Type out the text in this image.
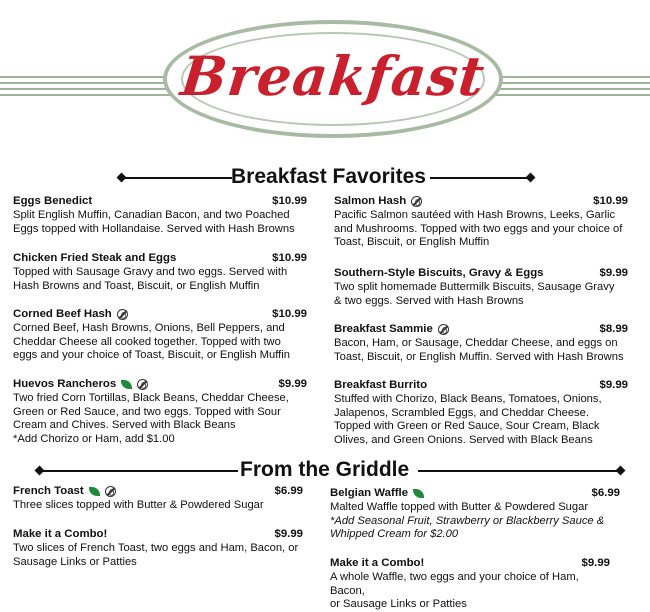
Breakfast
Breakfast Favorites
Eggs Benedict	$10.99
Split English Muffin, Canadian Bacon, and two Poached
Eggs topped with Hollandaise. Served with Hash Browns
Chicken Fried Steak and Eggs	$10.99
Topped with Sausage Gravy and two eggs. Served with
Hash Browns and Toast, Biscuit, or English Muffin
Corned Beef Hash	$10.99
Corned Beef, Hash Browns, Onions, Bell Peppers, and
Cheddar Cheese all cooked together. Topped with two
eggs and your choice of Toast, Biscuit, or English Muffin
Huevos Rancheros	$9.99
Two fried Corn Tortillas, Black Beans, Cheddar Cheese,
Green or Red Sauce, and two eggs. Topped with Sour
Cream and Chives. Served with Black Beans
*Add Chorizo or Ham, add $1.00
Salmon Hash	$10.99
Pacific Salmon sautéed with Hash Browns, Leeks, Garlic
and Mushrooms. Topped with two eggs and your choice of
Toast, Biscuit, or English Muffin
Southern-Style Biscuits, Gravy & Eggs	$9.99
Two split homemade Buttermilk Biscuits, Sausage Gravy
& two eggs. Served with Hash Browns
Breakfast Sammie	$8.99
Bacon, Ham, or Sausage, Cheddar Cheese, and eggs on
Toast, Biscuit, or English Muffin. Served with Hash Browns
Breakfast Burrito	$9.99
Stuffed with Chorizo, Black Beans, Tomatoes, Onions,
Jalapenos, Scrambled Eggs, and Cheddar Cheese.
Topped with Green or Red Sauce, Sour Cream, Black
Olives, and Green Onions. Served with Black Beans
From the Griddle
French Toast	$6.99
Three slices topped with Butter & Powdered Sugar
Make it a Combo!	$9.99
Two slices of French Toast, two eggs and Ham, Bacon, or
Sausage Links or Patties
Belgian Waffle	$6.99
Malted Waffle topped with Butter & Powdered Sugar
*Add Seasonal Fruit, Strawberry or Blackberry Sauce &
Whipped Cream for $2.00
Make it a Combo!	$9.99
A whole Waffle, two eggs and your choice of Ham, Bacon,
or Sausage Links or Patties
